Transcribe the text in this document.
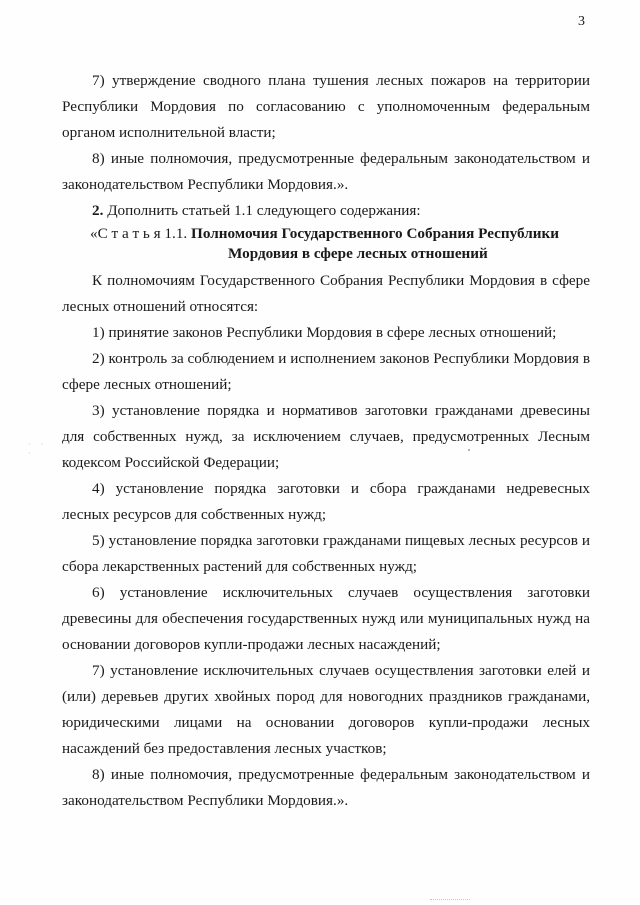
3

7) утверждение сводного плана тушения лесных пожаров на территории Республики Мордовия по согласованию с уполномоченным федеральным органом исполнительной власти;

8) иные полномочия, предусмотренные федеральным законодательством и законодательством Республики Мордовия.».

2. Дополнить статьей 1.1 следующего содержания:

«С т а т ь я 1.1. Полномочия Государственного Собрания Республики
Мордовия в сфере лесных отношений

К полномочиям Государственного Собрания Республики Мордовия в сфере лесных отношений относятся:

1) принятие законов Республики Мордовия в сфере лесных отношений;

2) контроль за соблюдением и исполнением законов Республики Мордовия в сфере лесных отношений;

3) установление порядка и нормативов заготовки гражданами древесины для собственных нужд, за исключением случаев, предусмотренных Лесным кодексом Российской Федерации;

4) установление порядка заготовки и сбора гражданами недревесных лесных ресурсов для собственных нужд;

5) установление порядка заготовки гражданами пищевых лесных ресурсов и сбора лекарственных растений для собственных нужд;

6) установление исключительных случаев осуществления заготовки древесины для обеспечения государственных нужд или муниципальных нужд на основании договоров купли-продажи лесных насаждений;

7) установление исключительных случаев осуществления заготовки елей и (или) деревьев других хвойных пород для новогодних праздников гражданами, юридическими лицами на основании договоров купли-продажи лесных насаждений без предоставления лесных участков;

8) иные полномочия, предусмотренные федеральным законодательством и законодательством Республики Мордовия.».

· · ·
